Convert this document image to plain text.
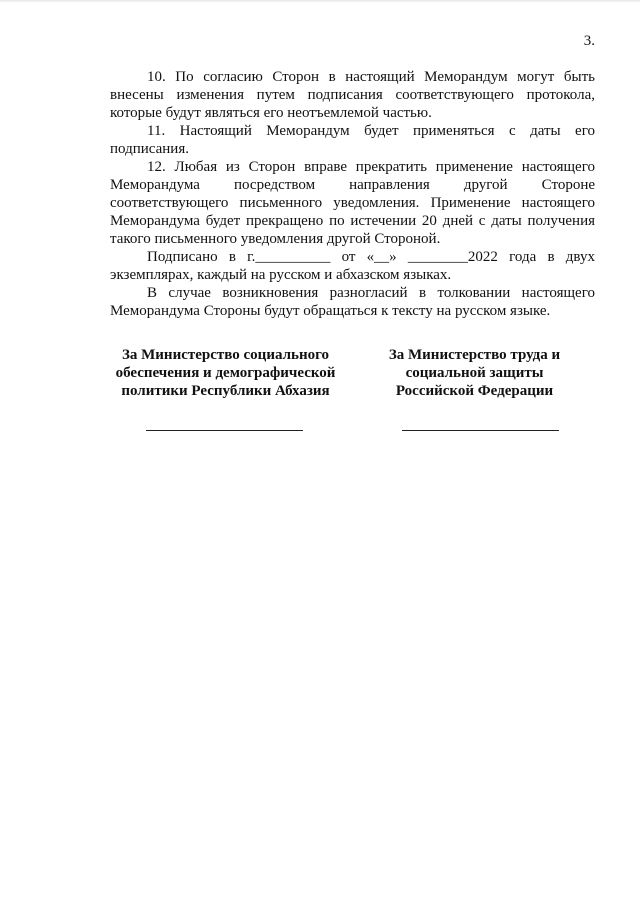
3.

10. По согласию Сторон в настоящий Меморандум могут быть внесены изменения путем подписания соответствующего протокола, которые будут являться его неотъемлемой частью.

11. Настоящий Меморандум будет применяться с даты его подписания.

12. Любая из Сторон вправе прекратить применение настоящего Меморандума посредством направления другой Стороне соответствующего письменного уведомления. Применение настоящего Меморандума будет прекращено по истечении 20 дней с даты получения такого письменного уведомления другой Стороной.

Подписано в г.__________ от «__» ________2022 года в двух экземплярах, каждый на русском и абхазском языках.

В случае возникновения разногласий в толковании настоящего Меморандума Стороны будут обращаться к тексту на русском языке.

За Министерство социального
обеспечения и демографической
политики Республики Абхазия
За Министерство труда и
социальной защиты
Российской Федерации
